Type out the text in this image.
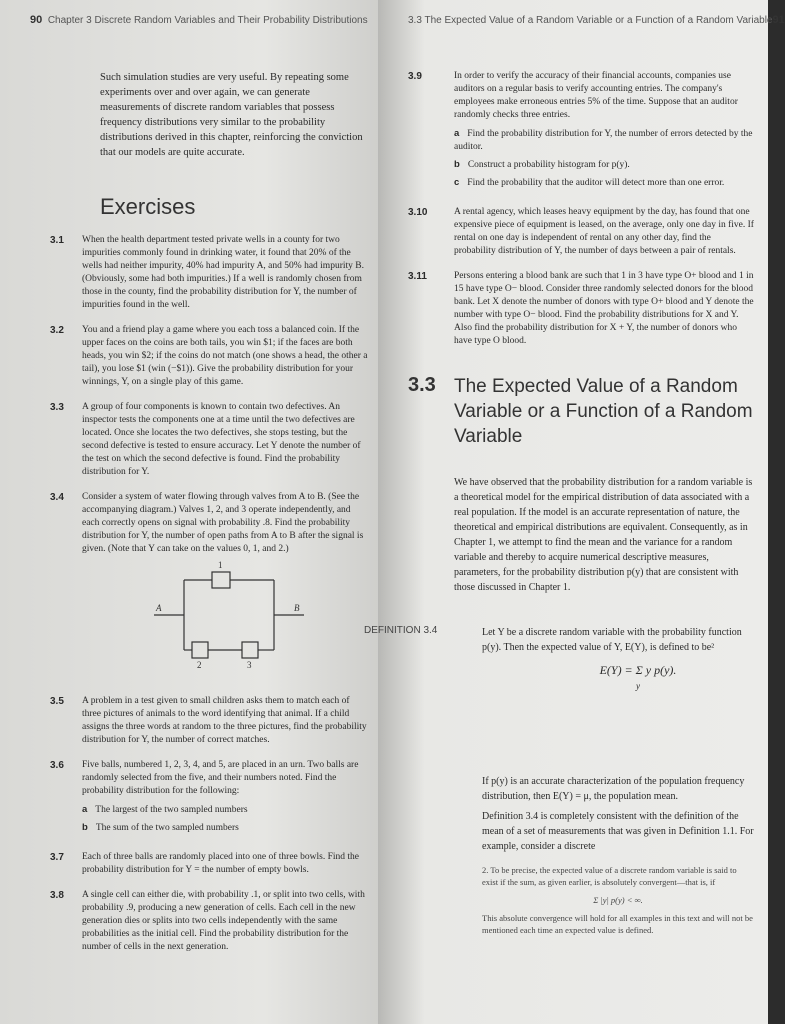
90 Chapter 3 Discrete Random Variables and Their Probability Distributions
Such simulation studies are very useful. By repeating some experiments over and over again, we can generate measurements of discrete random variables that possess frequency distributions very similar to the probability distributions derived in this chapter, reinforcing the conviction that our models are quite accurate.
Exercises
3.1	When the health department tested private wells in a county for two impurities commonly found in drinking water, it found that 20% of the wells had neither impurity, 40% had impurity A, and 50% had impurity B. (Obviously, some had both impurities.) If a well is randomly chosen from those in the county, find the probability distribution for Y, the number of impurities found in the well.
3.2	You and a friend play a game where you each toss a balanced coin. If the upper faces on the coins are both tails, you win $1; if the faces are both heads, you win $2; if the coins do not match (one shows a head, the other a tail), you lose $1 (win (−$1)). Give the probability distribution for your winnings, Y, on a single play of this game.
3.3	A group of four components is known to contain two defectives. An inspector tests the components one at a time until the two defectives are located. Once she locates the two defectives, she stops testing, but the second defective is tested to ensure accuracy. Let Y denote the number of the test on which the second defective is found. Find the probability distribution for Y.
3.4	Consider a system of water flowing through valves from A to B. (See the accompanying diagram.) Valves 1, 2, and 3 operate independently, and each correctly opens on signal with probability .8. Find the probability distribution for Y, the number of open paths from A to B after the signal is given. (Note that Y can take on the values 0, 1, and 2.)
A	B
1
2	3
3.5	A problem in a test given to small children asks them to match each of three pictures of animals to the word identifying that animal. If a child assigns the three words at random to the three pictures, find the probability distribution for Y, the number of correct matches.
3.6	Five balls, numbered 1, 2, 3, 4, and 5, are placed in an urn. Two balls are randomly selected from the five, and their numbers noted. Find the probability distribution for the following:
a The largest of the two sampled numbers
b The sum of the two sampled numbers
3.7	Each of three balls are randomly placed into one of three bowls. Find the probability distribution for Y = the number of empty bowls.
3.8	A single cell can either die, with probability .1, or split into two cells, with probability .9, producing a new generation of cells. Each cell in the new generation dies or splits into two cells independently with the same probabilities as the initial cell. Find the probability distribution for the number of cells in the next generation.
3.3 The Expected Value of a Random Variable or a Function of a Random Variable 91
3.9	In order to verify the accuracy of their financial accounts, companies use auditors on a regular basis to verify accounting entries. The company's employees make erroneous entries 5% of the time. Suppose that an auditor randomly checks three entries.
a Find the probability distribution for Y, the number of errors detected by the auditor.
b Construct a probability histogram for p(y).
c Find the probability that the auditor will detect more than one error.
3.10	A rental agency, which leases heavy equipment by the day, has found that one expensive piece of equipment is leased, on the average, only one day in five. If rental on one day is independent of rental on any other day, find the probability distribution of Y, the number of days between a pair of rentals.
3.11	Persons entering a blood bank are such that 1 in 3 have type O+ blood and 1 in 15 have type O− blood. Consider three randomly selected donors for the blood bank. Let X denote the number of donors with type O+ blood and Y denote the number with type O− blood. Find the probability distributions for X and Y. Also find the probability distribution for X + Y, the number of donors who have type O blood.
3.3 The Expected Value of a Random Variable or a Function of a Random Variable
We have observed that the probability distribution for a random variable is a theoretical model for the empirical distribution of data associated with a real population. If the model is an accurate representation of nature, the theoretical and empirical distributions are equivalent. Consequently, as in Chapter 1, we attempt to find the mean and the variance for a random variable and thereby to acquire numerical descriptive measures, parameters, for the probability distribution p(y) that are consistent with those discussed in Chapter 1.
DEFINITION 3.4	Let Y be a discrete random variable with the probability function p(y). Then the expected value of Y, E(Y), is defined to be²
E(Y) = Σ y p(y).
y

If p(y) is an accurate characterization of the population frequency distribution, then E(Y) = μ, the population mean.

Definition 3.4 is completely consistent with the definition of the mean of a set of measurements that was given in Definition 1.1. For example, consider a discrete

2. To be precise, the expected value of a discrete random variable is said to exist if the sum, as given earlier, is absolutely convergent—that is, if
Σ |y| p(y) < ∞.
This absolute convergence will hold for all examples in this text and will not be mentioned each time an expected value is defined.
